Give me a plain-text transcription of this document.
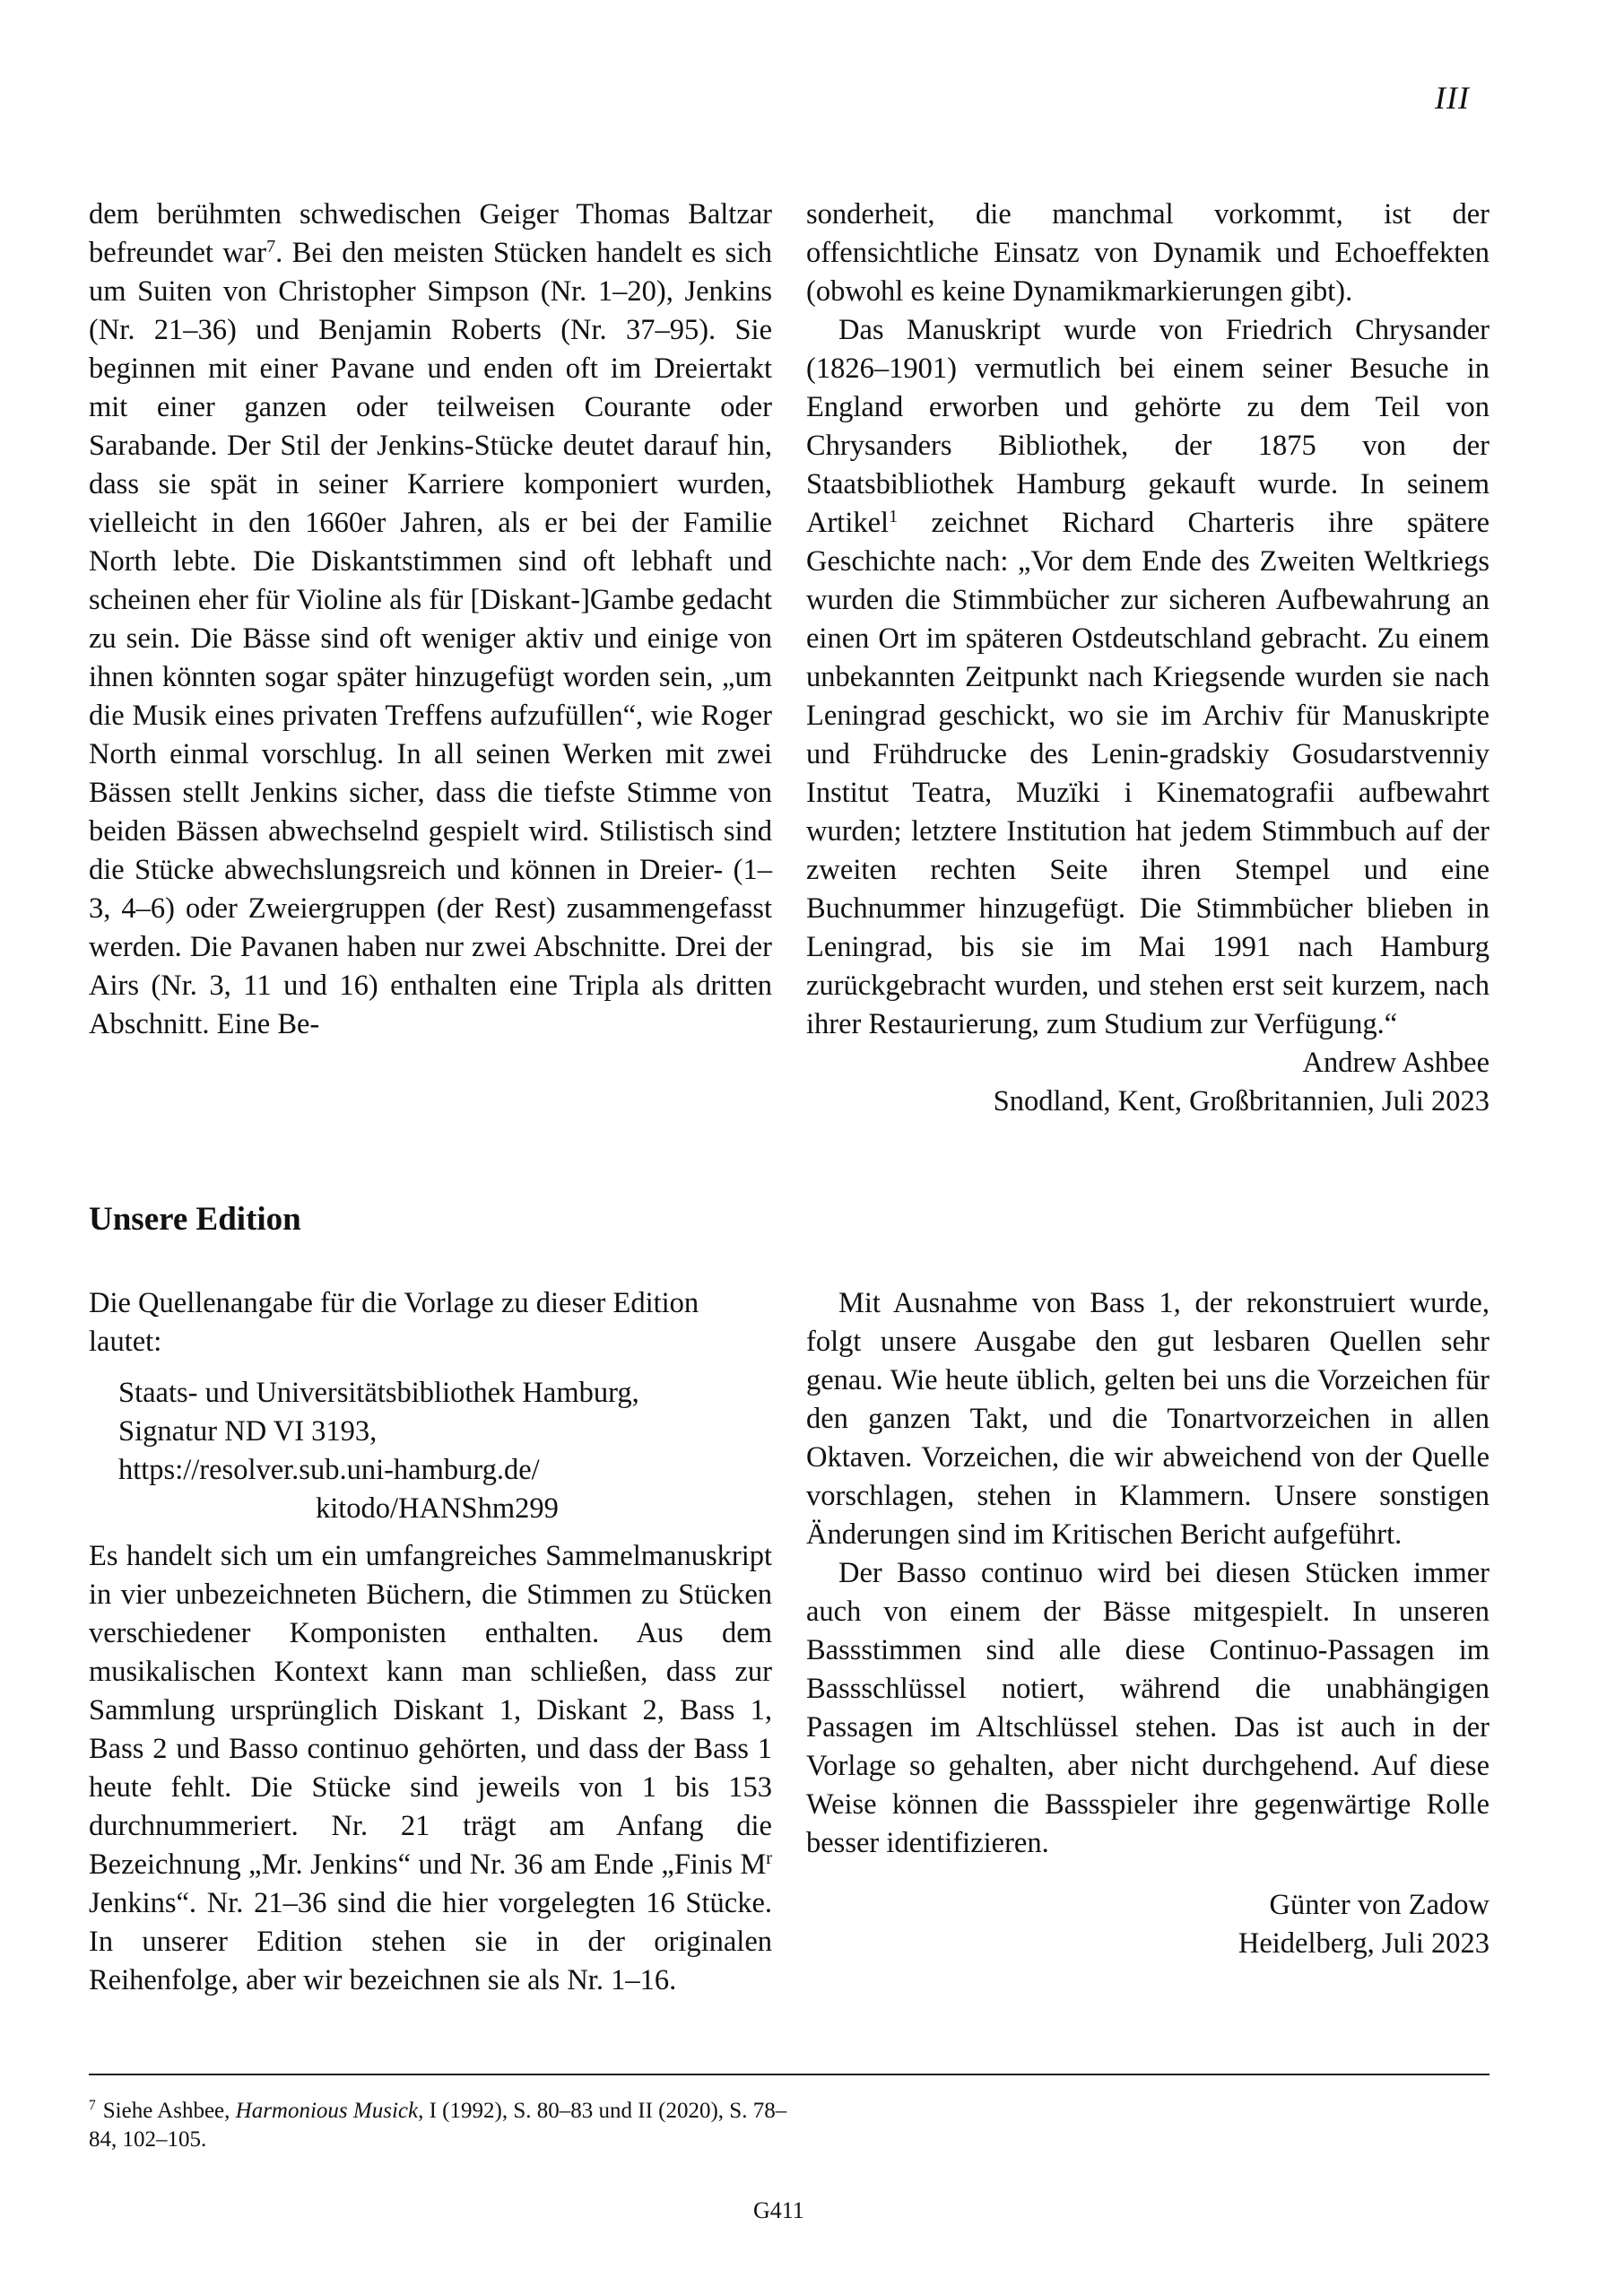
III

dem berühmten schwedischen Geiger Thomas Baltzar befreundet war$^7$. Bei den meisten Stücken handelt es sich um Suiten von Christopher Simpson (Nr. 1–20), Jenkins (Nr. 21–36) und Benjamin Roberts (Nr. 37–95). Sie beginnen mit einer Pavane und enden oft im Dreiertakt mit einer ganzen oder teilweisen Courante oder Sarabande. Der Stil der Jenkins-Stücke deutet darauf hin, dass sie spät in seiner Karriere komponiert wurden, vielleicht in den 1660er Jahren, als er bei der Familie North lebte. Die Diskantstimmen sind oft lebhaft und scheinen eher für Violine als für [Diskant-]Gambe gedacht zu sein. Die Bässe sind oft weniger aktiv und einige von ihnen könnten sogar später hinzugefügt worden sein, „um die Musik eines privaten Treffens aufzufüllen“, wie Roger North einmal vorschlug. In all seinen Werken mit zwei Bässen stellt Jenkins sicher, dass die tiefste Stimme von beiden Bässen abwechselnd gespielt wird. Stilistisch sind die Stücke abwechslungsreich und können in Dreier- (1–3, 4–6) oder Zweiergruppen (der Rest) zusammengefasst werden. Die Pavanen haben nur zwei Abschnitte. Drei der Airs (Nr. 3, 11 und 16) enthalten eine Tripla als dritten Abschnitt. Eine Be-

sonderheit, die manchmal vorkommt, ist der offensichtliche Einsatz von Dynamik und Echoeffekten (obwohl es keine Dynamikmarkierungen gibt).

Das Manuskript wurde von Friedrich Chrysander (1826–1901) vermutlich bei einem seiner Besuche in England erworben und gehörte zu dem Teil von Chrysanders Bibliothek, der 1875 von der Staatsbibliothek Hamburg gekauft wurde. In seinem Artikel$^1$ zeichnet Richard Charteris ihre spätere Geschichte nach: „Vor dem Ende des Zweiten Weltkriegs wurden die Stimmbücher zur sicheren Aufbewahrung an einen Ort im späteren Ostdeutschland gebracht. Zu einem unbekannten Zeitpunkt nach Kriegsende wurden sie nach Leningrad geschickt, wo sie im Archiv für Manuskripte und Frühdrucke des Lenin-gradskiy Gosudarstvenniy Institut Teatra, Muzïki i Kinematografii aufbewahrt wurden; letztere Institution hat jedem Stimmbuch auf der zweiten rechten Seite ihren Stempel und eine Buchnummer hinzugefügt. Die Stimmbücher blieben in Leningrad, bis sie im Mai 1991 nach Hamburg zurückgebracht wurden, und stehen erst seit kurzem, nach ihrer Restaurierung, zum Studium zur Verfügung.“

Andrew Ashbee

Snodland, Kent, Großbritannien, Juli 2023

Unsere Edition

Die Quellenangabe für die Vorlage zu dieser Edition lautet:

Staats- und Universitätsbibliothek Hamburg,
Signatur ND VI 3193,
https://resolver.sub.uni-hamburg.de/
kitodo/HANShm299

Es handelt sich um ein umfangreiches Sammelmanuskript in vier unbezeichneten Büchern, die Stimmen zu Stücken verschiedener Komponisten enthalten. Aus dem musikalischen Kontext kann man schließen, dass zur Sammlung ursprünglich Diskant 1, Diskant 2, Bass 1, Bass 2 und Basso continuo gehörten, und dass der Bass 1 heute fehlt. Die Stücke sind jeweils von 1 bis 153 durchnummeriert. Nr. 21 trägt am Anfang die Bezeichnung „Mr. Jenkins“ und Nr. 36 am Ende „Finis $M^r$ Jenkins“. Nr. 21–36 sind die hier vorgelegten 16 Stücke. In unserer Edition stehen sie in der originalen Reihenfolge, aber wir bezeichnen sie als Nr. 1–16.

Mit Ausnahme von Bass 1, der rekonstruiert wurde, folgt unsere Ausgabe den gut lesbaren Quellen sehr genau. Wie heute üblich, gelten bei uns die Vorzeichen für den ganzen Takt, und die Tonartvorzeichen in allen Oktaven. Vorzeichen, die wir abweichend von der Quelle vorschlagen, stehen in Klammern. Unsere sonstigen Änderungen sind im Kritischen Bericht aufgeführt.

Der Basso continuo wird bei diesen Stücken immer auch von einem der Bässe mitgespielt. In unseren Bassstimmen sind alle diese Continuo-Passagen im Bassschlüssel notiert, während die unabhängigen Passagen im Altschlüssel stehen. Das ist auch in der Vorlage so gehalten, aber nicht durchgehend. Auf diese Weise können die Bassspieler ihre gegenwärtige Rolle besser identifizieren.

Günter von Zadow

Heidelberg, Juli 2023

$^7$ Siehe Ashbee, Harmonious Musick, I (1992), S. 80–83 und II (2020), S. 78–84, 102–105.
G411
